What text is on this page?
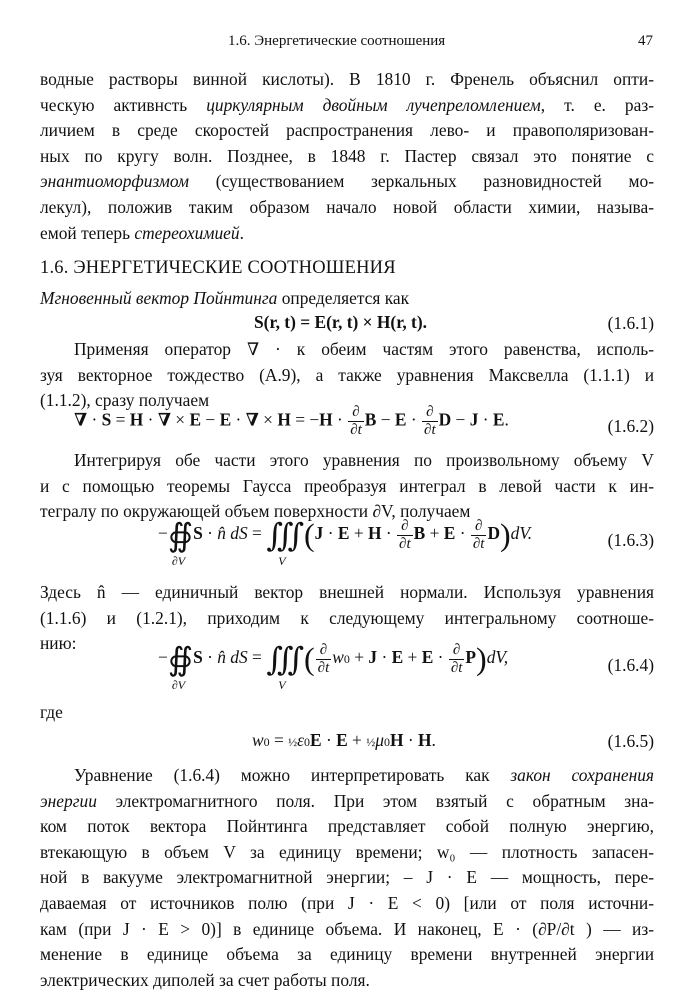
1.6. Энергетические соотношения	47
водные растворы винной кислоты). В 1810 г. Френель объяснил опти-
ческую активнсть циркулярным двойным лучепреломлением, т. е. раз-
личием в среде скоростей распространения лево- и правополяризован-
ных по кругу волн. Позднее, в 1848 г. Пастер связал это понятие с
энантиоморфизмом (существованием зеркальных разновидностей мо-
лекул), положив таким образом начало новой области химии, называ-
емой теперь стереохимией.
1.6. ЭНЕРГЕТИЧЕСКИЕ СООТНОШЕНИЯ
Мгновенный вектор Пойнтинга определяется как
S(r, t) = E(r, t) × H(r, t).	(1.6.1)
Применяя оператор ∇ · к обеим частям этого равенства, исполь-
зуя векторное тождество (А.9), а также уравнения Максвелла (1.1.1) и
(1.1.2), сразу получаем
∇ · S = H · ∇ × E − E · ∇ × $H = -H \cdot \frac{\partial}{\partial t}$ $B - E \cdot \frac{\partial}{\partial t}$ D − J · E.	(1.6.2)
Интегрируя обе части этого уравнения по произвольному объему V
и с помощью теоремы Гаусса преобразуя интеграл в левой части к ин-
тегралу по окружающей объем поверхности ∂V, получаем
−∯
∂V
S · n̂ dS = ∭
V
($J \cdot E + H \cdot \frac{\partial}{\partial t}$ $B + E \cdot \frac{\partial}{\partial t} D)dV$.	(1.6.3)
Здесь n̂ — единичный вектор внешней нормали. Используя уравнения
(1.1.6) и (1.2.1), приходим к следующему интегральному соотноше-
нию:
−∯
∂V
S · n̂ dS = ∭
V
( $\frac{\partial}{\partial t} w0 + J \cdot E + E \cdot \frac{\partial}{\partial t} P)dV$,	(1.6.4)
где
w0 = ½ε0E · E + ½μ0H · H.	(1.6.5)
Уравнение (1.6.4) можно интерпретировать как закон сохранения
энергии электромагнитного поля. При этом взятый с обратным зна-
ком поток вектора Пойнтинга представляет собой полную энергию,
втекающую в объем V за единицу времени; w₀ — плотность запасен-
ной в вакууме электромагнитной энергии; – J · E — мощность, пере-
даваемая от источников полю (при J · E < 0) [или от поля источни-
кам (при J · E > 0)] в единице объема. И наконец, E · (∂P/∂t ) — из-
менение в единице объема за единицу времени внутренней энергии
электрических диполей за счет работы поля.
